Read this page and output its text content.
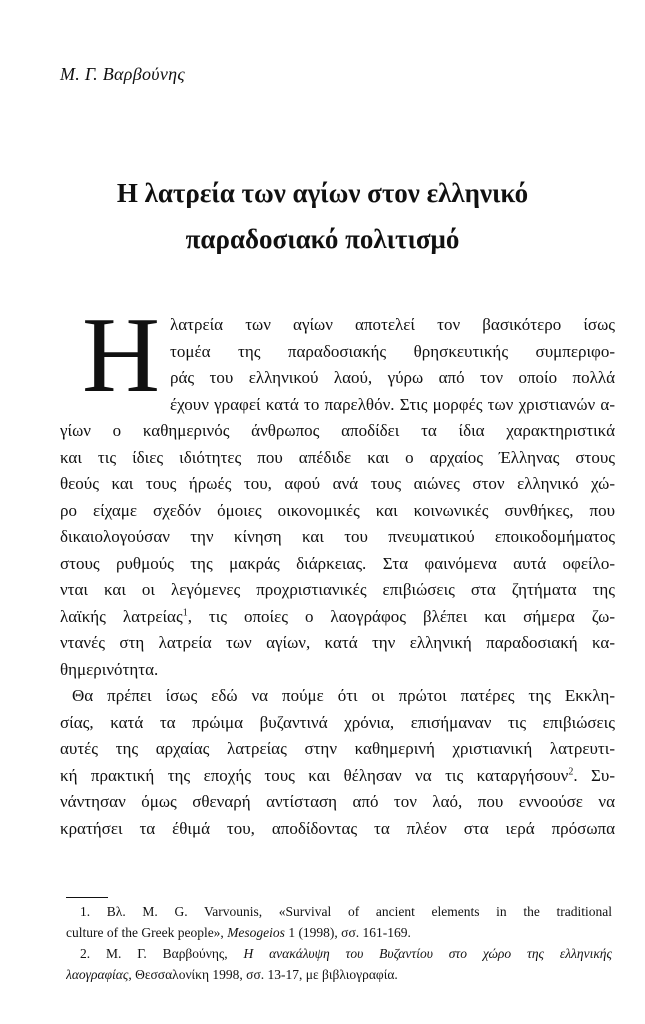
Μ. Γ. Βαρβούνης
Η λατρεία των αγίων στον ελληνικό
παραδοσιακό πολιτισμό
Η λατρεία των αγίων αποτελεί τον βασικότερο ίσως
τομέα της παραδοσιακής θρησκευτικής συμπεριφο-
ράς του ελληνικού λαού, γύρω από τον οποίο πολλά
έχουν γραφεί κατά το παρελθόν. Στις μορφές των χριστιανών α-
γίων ο καθημερινός άνθρωπος αποδίδει τα ίδια χαρακτηριστικά
και τις ίδιες ιδιότητες που απέδιδε και ο αρχαίος Έλληνας στους
θεούς και τους ήρωές του, αφού ανά τους αιώνες στον ελληνικό χώ-
ρο είχαμε σχεδόν όμοιες οικονομικές και κοινωνικές συνθήκες, που
δικαιολογούσαν την κίνηση και του πνευματικού εποικοδομήματος
στους ρυθμούς της μακράς διάρκειας. Στα φαινόμενα αυτά οφείλο-
νται και οι λεγόμενες προχριστιανικές επιβιώσεις στα ζητήματα της
λαϊκής λατρείας$^1$, τις οποίες ο λαογράφος βλέπει και σήμερα ζω-
ντανές στη λατρεία των αγίων, κατά την ελληνική παραδοσιακή κα-
θημερινότητα.
Θα πρέπει ίσως εδώ να πούμε ότι οι πρώτοι πατέρες της Εκκλη-
σίας, κατά τα πρώιμα βυζαντινά χρόνια, επισήμαναν τις επιβιώσεις
αυτές της αρχαίας λατρείας στην καθημερινή χριστιανική λατρευτι-
κή πρακτική της εποχής τους και θέλησαν να τις καταργήσουν$^2$. Συ-
νάντησαν όμως σθεναρή αντίσταση από τον λαό, που εννοούσε να
κρατήσει τα έθιμά του, αποδίδοντας τα πλέον στα ιερά πρόσωπα
1. Βλ. M. G. Varvounis, «Survival of ancient elements in the traditional
culture of the Greek people», Mesogeios 1 (1998), σσ. 161-169.
2. Μ. Γ. Βαρβούνης, Η ανακάλυψη του Βυζαντίου στο χώρο της ελληνικής
λαογραφίας, Θεσσαλονίκη 1998, σσ. 13-17, με βιβλιογραφία.
